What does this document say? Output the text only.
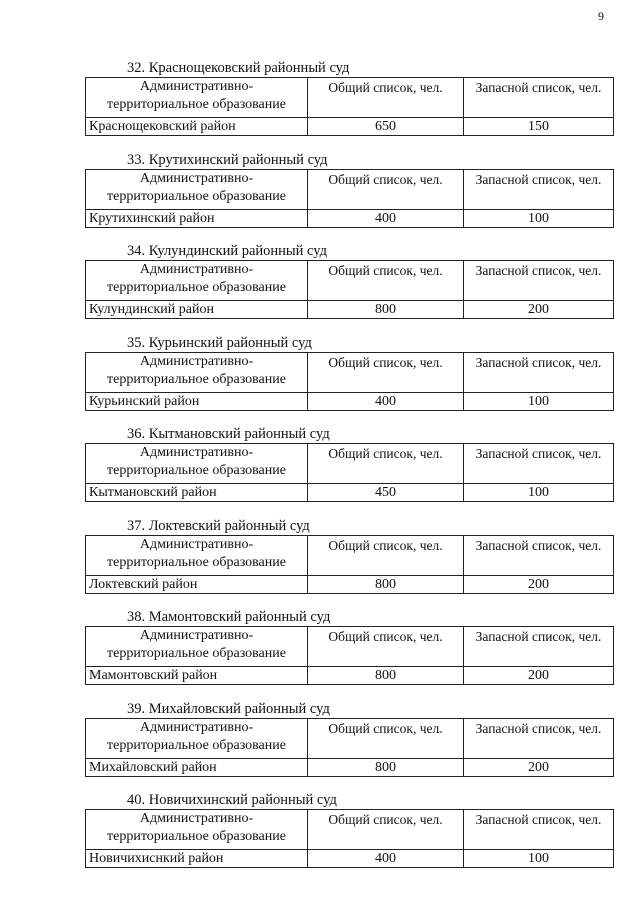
9
32. Краснощековский районный суд
Административно-
территориальное образование	Общий список, чел.	Запасной список, чел.
Краснощековский район	650	150
33. Крутихинский районный суд
Административно-
территориальное образование	Общий список, чел.	Запасной список, чел.
Крутихинский район	400	100
34. Кулундинский районный суд
Административно-
территориальное образование	Общий список, чел.	Запасной список, чел.
Кулундинский район	800	200
35. Курьинский районный суд
Административно-
территориальное образование	Общий список, чел.	Запасной список, чел.
Курьинский район	400	100
36. Кытмановский районный суд
Административно-
территориальное образование	Общий список, чел.	Запасной список, чел.
Кытмановский район	450	100
37. Локтевский районный суд
Административно-
территориальное образование	Общий список, чел.	Запасной список, чел.
Локтевский район	800	200
38. Мамонтовский районный суд
Административно-
территориальное образование	Общий список, чел.	Запасной список, чел.
Мамонтовский район	800	200
39. Михайловский районный суд
Административно-
территориальное образование	Общий список, чел.	Запасной список, чел.
Михайловский район	800	200
40. Новичихинский районный суд
Административно-
территориальное образование	Общий список, чел.	Запасной список, чел.
Новичихиснкий район	400	100
